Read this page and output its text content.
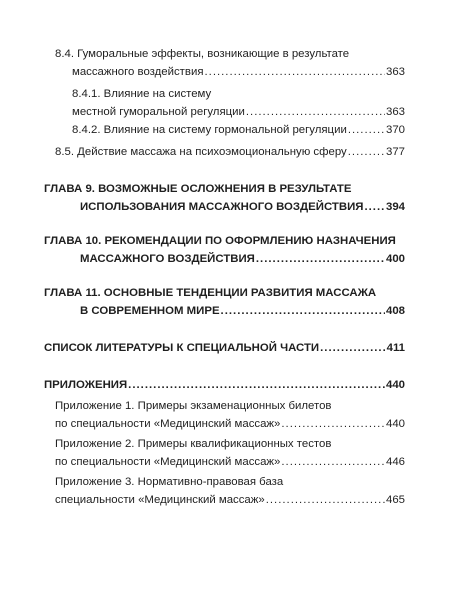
8.4. Гуморальные эффекты, возникающие в результате
массажного воздействия .....	363
8.4.1. Влияние на систему
местной гуморальной регуляции .....	363
8.4.2. Влияние на систему гормональной регуляции .....	370
8.5. Действие массажа на психоэмоциональную сферу .....	377
ГЛАВА 9. ВОЗМОЖНЫЕ ОСЛОЖНЕНИЯ В РЕЗУЛЬТАТЕ
ИСПОЛЬЗОВАНИЯ МАССАЖНОГО ВОЗДЕЙСТВИЯ ..... 394
ГЛАВА 10. РЕКОМЕНДАЦИИ ПО ОФОРМЛЕНИЮ НАЗНАЧЕНИЯ
МАССАЖНОГО ВОЗДЕЙСТВИЯ .....	400
ГЛАВА 11. ОСНОВНЫЕ ТЕНДЕНЦИИ РАЗВИТИЯ МАССАЖА
В СОВРЕМЕННОМ МИРЕ .....	408
СПИСОК ЛИТЕРАТУРЫ К СПЕЦИАЛЬНОЙ ЧАСТИ .....	411
ПРИЛОЖЕНИЯ .....	440
Приложение 1. Примеры экзаменационных билетов
по специальности «Медицинский массаж» .....	440
Приложение 2. Примеры квалификационных тестов
по специальности «Медицинский массаж» .....	446
Приложение 3. Нормативно-правовая база
специальности «Медицинский массаж» .....	465
